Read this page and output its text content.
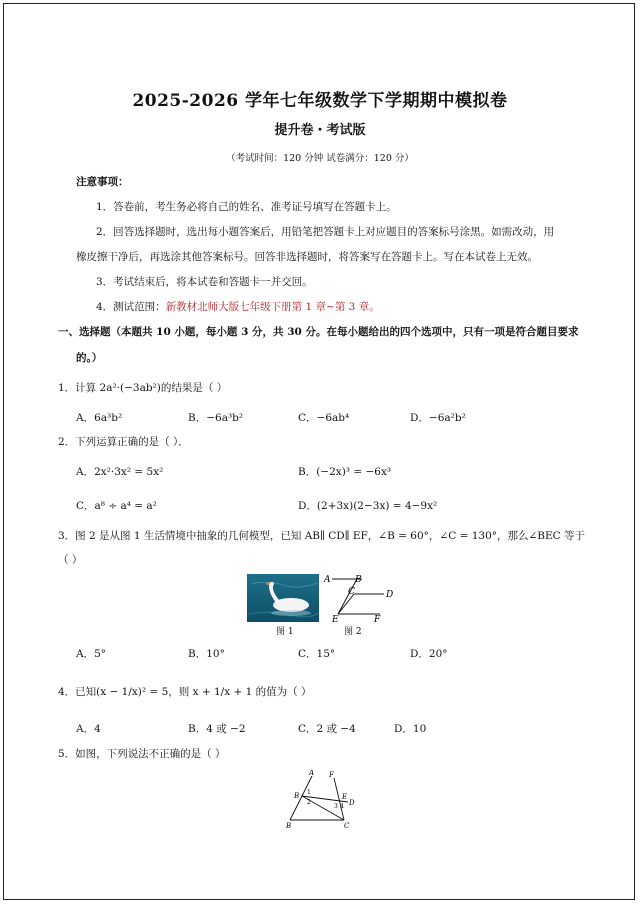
2025-2026 学年七年级数学下学期期中模拟卷
提升卷・考试版
（考试时间：120 分钟 试卷满分：120 分）
注意事项：
1．答卷前，考生务必将自己的姓名、准考证号填写在答题卡上。
2．回答选择题时，选出每小题答案后，用铅笔把答题卡上对应题目的答案标号涂黑。如需改动，用
橡皮擦干净后，再选涂其他答案标号。回答非选择题时，将答案写在答题卡上。写在本试卷上无效。
3．考试结束后，将本试卷和答题卡一并交回。
4．测试范围：新教材北师大版七年级下册第 1 章~第 3 章。
一、选择题（本题共 10 小题，每小题 3 分，共 30 分。在每小题给出的四个选项中，只有一项是符合题目要求
的。）
1．计算 2a²·(−3ab²)的结果是（ ）
A．6a³b²	B．−6a³b²	C．−6ab⁴	D．−6a²b²
2．下列运算正确的是（ ）．
A．2x²·3x² = 5x²	B．(−2x)³ = −6x³
C．a⁸ ÷ a⁴ = a²	D．(2+3x)(2−3x) = 4−9x²
3．图 2 是从图 1 生活情境中抽象的几何模型，已知 AB∥ CD∥ EF，∠B = 60°，∠C = 130°，那么∠BEC 等于
（ ）
图 1
A	B
C	D
E	F
图 2
A．5°	B．10°	C．15°	D．20°
4．已知(x − 1/x)² = 5，则 x + 1/x + 1 的值为（ ）
A．4	B．4 或 −2	C．2 或 −4	D．10
5．如图，下列说法不正确的是（ ）
A F
B 1
2
E
3 4 D
B	C
